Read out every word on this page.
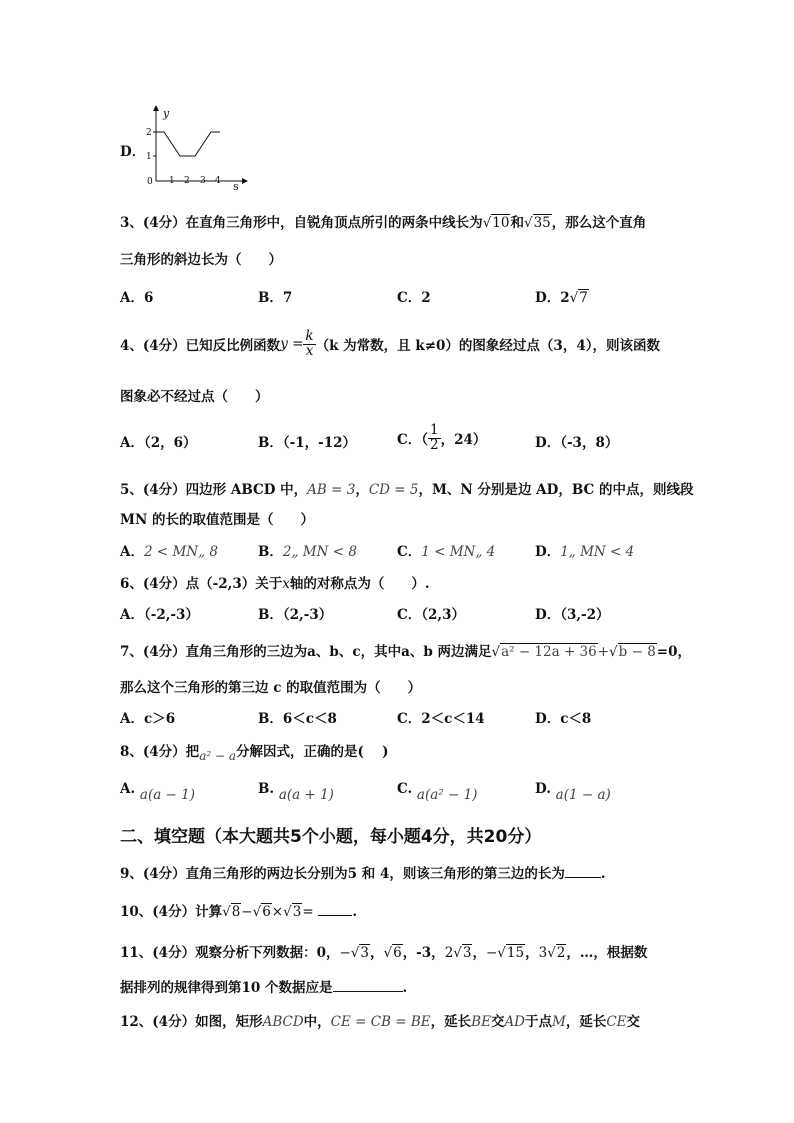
D．
y
s
0
1
2
1 2 3 4
3、(4分）在直角三角形中，自锐角顶点所引的两条中线长为√10和√35，那么这个直角
三角形的斜边长为（　　）
A．6	B．7	C．2	D．2√7
4、(4分）已知反比例函数$y = \frac{k}{x} (k$ 为常数，且 k≠0）的图象经过点（3，4），则该函数
图象必不经过点（　　）
A．（2，6）	B．（-1，-12）	C．（ $\frac{1}{2}$ ，24）	D．（-3，8）
5、(4分）四边形 ABCD 中，AB = 3，CD = 5，M、N 分别是边 AD，BC 的中点，则线段
MN 的长的取值范围是（　　）
A．2 < MN„ 8	B．2„ MN < 8	C．1 < MN„ 4	D．1„ MN < 4
6、(4分）点（-2,3）关于x轴的对称点为（　　）.
A．（-2,-3）	B．（2,-3）	C．（2,3）	D．（3,-2）
7、(4分）直角三角形的三边为a、b、c，其中a、b 两边满足√a² − 12a + 36+√b − 8=0，
那么这个三角形的第三边 c 的取值范围为（　　）
A．c＞6	B．6＜c＜8	C．2＜c＜14	D．c＜8
8、(4分）把a² − a分解因式，正确的是(　 )
A. a(a − 1)	B. a(a + 1)	C. a(a² − 1)	D. a(1 − a)
二、填空题（本大题共5个小题，每小题4分，共20分）
9、(4分）直角三角形的两边长分别为5 和 4，则该三角形的第三边的长为	.
10、(4分）计算√8−√6×√3=	.
11、(4分）观察分析下列数据：0，−√3，√6，-3，2√3，−√15，3√2，…，根据数
据排列的规律得到第10 个数据应是	.
12、(4分）如图，矩形ABCD中，CE = CB = BE，延长BE交AD于点M，延长CE交
